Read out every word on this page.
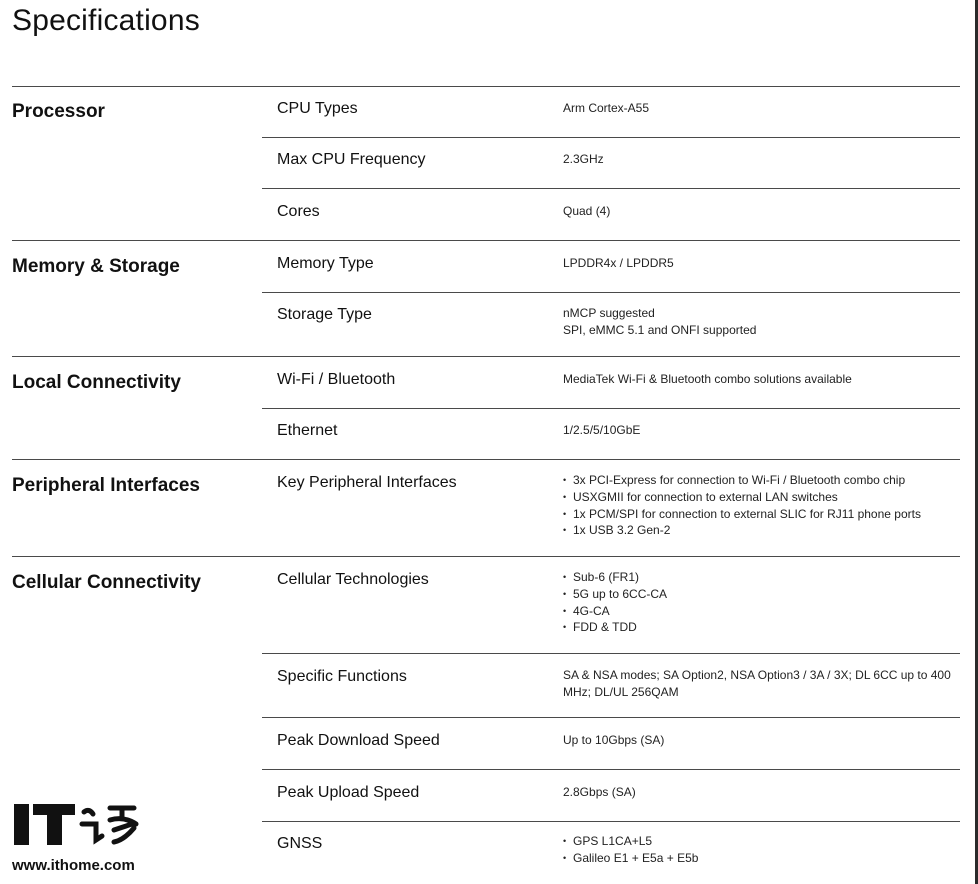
Specifications
Processor	CPU Types	Arm Cortex-A55
Max CPU Frequency	2.3GHz
Cores	Quad (4)
Memory & Storage	Memory Type	LPDDR4x / LPDDR5
Storage Type	nMCP suggested
SPI, eMMC 5.1 and ONFI supported
Local Connectivity	Wi-Fi / Bluetooth	MediaTek Wi-Fi & Bluetooth combo solutions available
Ethernet	1/2.5/5/10GbE
Peripheral Interfaces	Key Peripheral Interfaces	• 3x PCI-Express for connection to Wi-Fi / Bluetooth combo chip
• USXGMII for connection to external LAN switches
• 1x PCM/SPI for connection to external SLIC for RJ11 phone ports
• 1x USB 3.2 Gen-2
Cellular Connectivity	Cellular Technologies	• Sub-6 (FR1)
• 5G up to 6CC-CA
• 4G-CA
• FDD & TDD
Specific Functions	SA & NSA modes; SA Option2, NSA Option3 / 3A / 3X; DL 6CC up to 400
MHz; DL/UL 256QAM
Peak Download Speed	Up to 10Gbps (SA)
Peak Upload Speed	2.8Gbps (SA)
GNSS	• GPS L1CA+L5
• Galileo E1 + E5a + E5b
www.ithome.com
